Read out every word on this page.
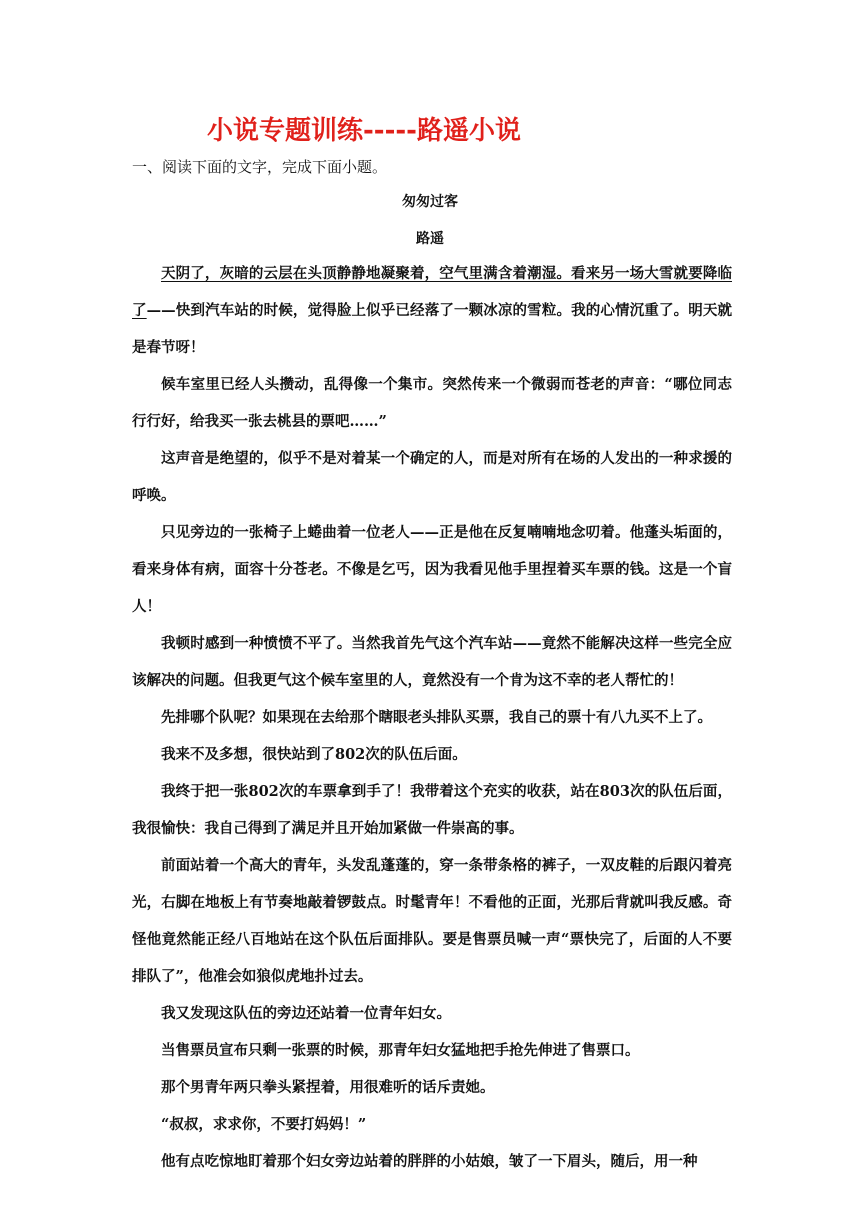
小说专题训练-----路遥小说
一、阅读下面的文字，完成下面小题。
匆匆过客
路遥

天阴了，灰暗的云层在头顶静静地凝聚着，空气里满含着潮湿。看来另一场大雪就要降临了——快到汽车站的时候，觉得脸上似乎已经落了一颗冰凉的雪粒。我的心情沉重了。明天就是春节呀！

候车室里已经人头攒动，乱得像一个集市。突然传来一个微弱而苍老的声音：“哪位同志行行好，给我买一张去桃县的票吧……”

这声音是绝望的，似乎不是对着某一个确定的人，而是对所有在场的人发出的一种求援的呼唤。

只见旁边的一张椅子上蜷曲着一位老人——正是他在反复喃喃地念叨着。他蓬头垢面的，看来身体有病，面容十分苍老。不像是乞丐，因为我看见他手里捏着买车票的钱。这是一个盲人！

我顿时感到一种愤愤不平了。当然我首先气这个汽车站——竟然不能解决这样一些完全应该解决的问题。但我更气这个候车室里的人，竟然没有一个肯为这不幸的老人帮忙的！

先排哪个队呢？如果现在去给那个瞎眼老头排队买票，我自己的票十有八九买不上了。

我来不及多想，很快站到了802次的队伍后面。

我终于把一张802次的车票拿到手了！我带着这个充实的收获，站在803次的队伍后面，我很愉快：我自己得到了满足并且开始加紧做一件崇高的事。

前面站着一个高大的青年，头发乱蓬蓬的，穿一条带条格的裤子，一双皮鞋的后跟闪着亮光，右脚在地板上有节奏地敲着锣鼓点。时髦青年！不看他的正面，光那后背就叫我反感。奇怪他竟然能正经八百地站在这个队伍后面排队。要是售票员喊一声“票快完了，后面的人不要排队了”，他准会如狼似虎地扑过去。

我又发现这队伍的旁边还站着一位青年妇女。

当售票员宣布只剩一张票的时候，那青年妇女猛地把手抢先伸进了售票口。

那个男青年两只拳头紧捏着，用很难听的话斥责她。

“叔叔，求求你，不要打妈妈！”

他有点吃惊地盯着那个妇女旁边站着的胖胖的小姑娘，皱了一下眉头，随后，用一种
